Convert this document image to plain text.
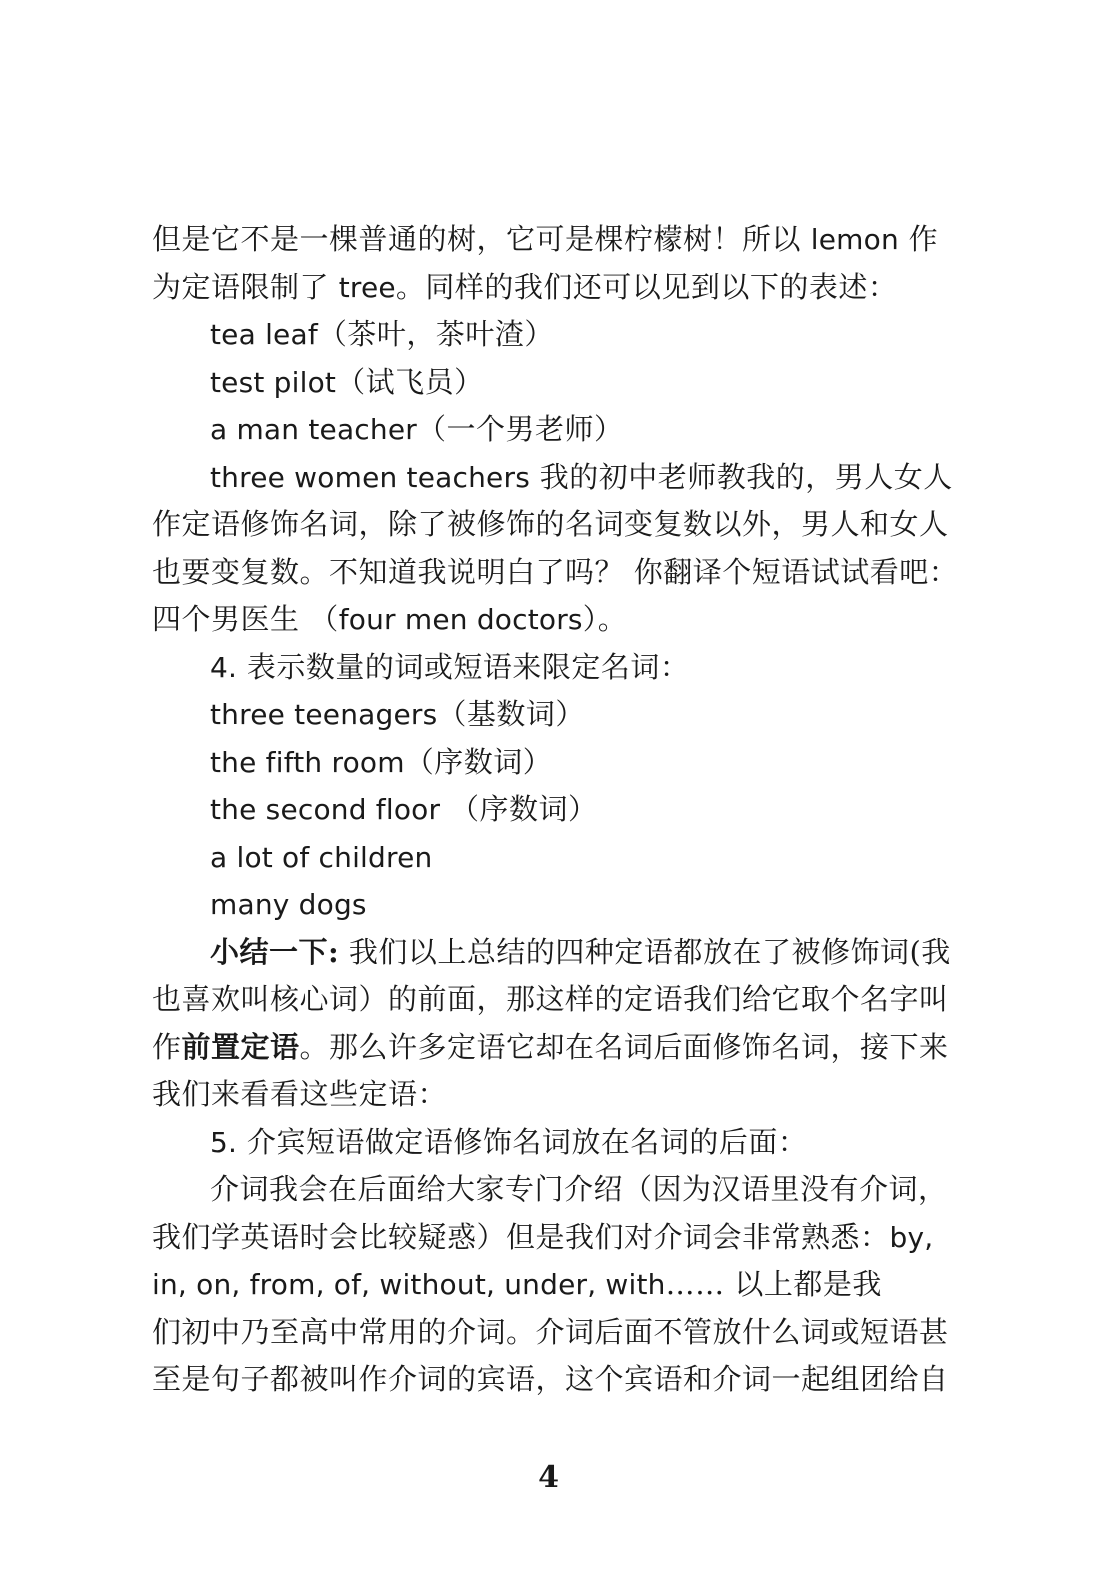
但是它不是一棵普通的树，它可是棵柠檬树！所以 lemon 作
为定语限制了 tree。同样的我们还可以见到以下的表述：
tea leaf（茶叶，茶叶渣）
test pilot（试飞员）
a man teacher（一个男老师）
three women teachers 我的初中老师教我的，男人女人
作定语修饰名词，除了被修饰的名词变复数以外，男人和女人
也要变复数。不知道我说明白了吗？ 你翻译个短语试试看吧：
四个男医生 （four men doctors）。
4. 表示数量的词或短语来限定名词：
three teenagers（基数词）
the fifth room（序数词）
the second floor （序数词）
a lot of children
many dogs
小结一下: 我们以上总结的四种定语都放在了被修饰词(我
也喜欢叫核心词）的前面，那这样的定语我们给它取个名字叫
作前置定语。那么许多定语它却在名词后面修饰名词，接下来
我们来看看这些定语：
5. 介宾短语做定语修饰名词放在名词的后面：
介词我会在后面给大家专门介绍（因为汉语里没有介词，
我们学英语时会比较疑惑）但是我们对介词会非常熟悉：by,
in, on, from, of, without, under, with…… 以上都是我
们初中乃至高中常用的介词。介词后面不管放什么词或短语甚
至是句子都被叫作介词的宾语，这个宾语和介词一起组团给自
4
